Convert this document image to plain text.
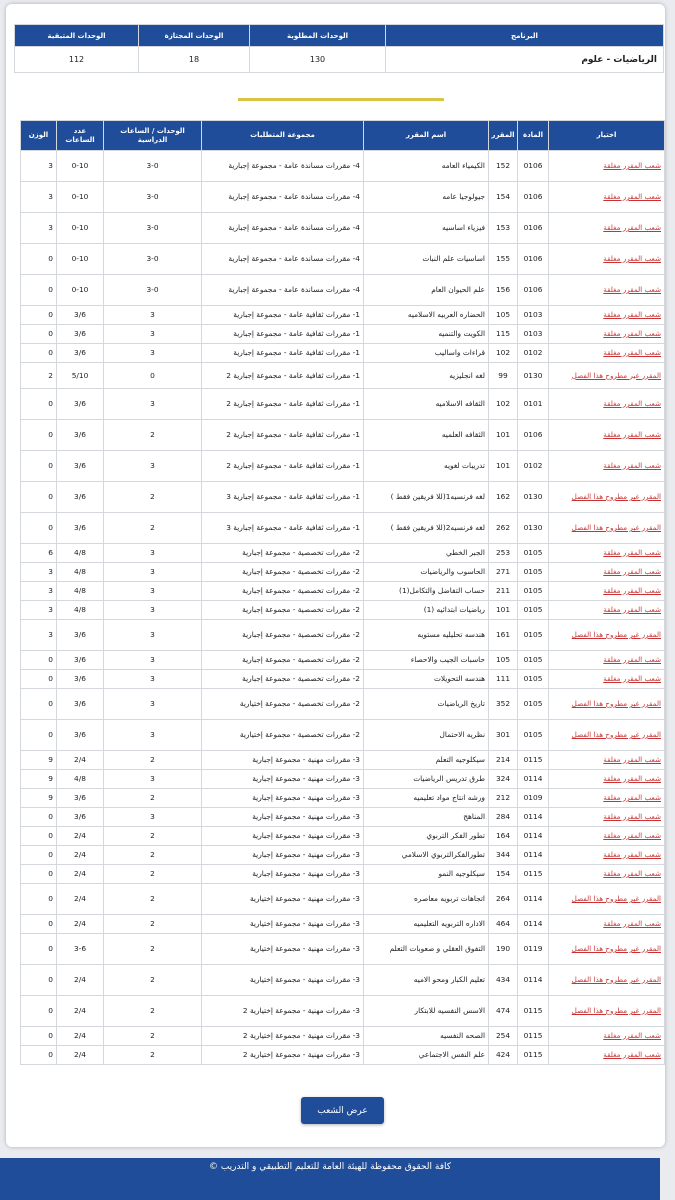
البرنامج	الوحدات المطلوبة	الوحدات المجتازة	الوحدات المتبقية
الرياضيات - علوم	130	18	112
اختيار	المادة	المقرر	اسم المقرر	مجموعة المتطلبات	الوحدات / الساعات الدراسية	عدد الساعات	الوزن
شعب المقرر مغلقة	0106	152	الكيمياء العامه	4- مقررات مساندة عامة - مجموعة إجبارية	3-0	0-10	3
شعب المقرر مغلقة	0106	154	جيولوجيا عامه	4- مقررات مساندة عامة - مجموعة إجبارية	3-0	0-10	3
شعب المقرر مغلقة	0106	153	فيزياء اساسيه	4- مقررات مساندة عامة - مجموعة إجبارية	3-0	0-10	3
شعب المقرر مغلقة	0106	155	اساسيات علم النبات	4- مقررات مساندة عامة - مجموعة إجبارية	3-0	0-10	0
شعب المقرر مغلقة	0106	156	علم الحيوان العام	4- مقررات مساندة عامة - مجموعة إجبارية	3-0	0-10	0
شعب المقرر مغلقة	0103	105	الحضاره العربيه الاسلاميه	1- مقررات ثقافية عامة - مجموعة إجبارية	3	3/6	0
شعب المقرر مغلقة	0103	115	الكويت والتنميه	1- مقررات ثقافية عامة - مجموعة إجبارية	3	3/6	0
شعب المقرر مغلقة	0102	102	قراءات واساليب	1- مقررات ثقافية عامة - مجموعة إجبارية	3	3/6	0
المقرر غير مطروح هذا الفصل	0130	99	لغه انجليزيه	1- مقررات ثقافية عامة - مجموعة إجبارية 2	0	5/10	2
شعب المقرر مغلقة	0101	102	الثقافه الاسلاميه	1- مقررات ثقافية عامة - مجموعة إجبارية 2	3	3/6	0
شعب المقرر مغلقة	0106	101	الثقافه العلميه	1- مقررات ثقافية عامة - مجموعة إجبارية 2	2	3/6	0
شعب المقرر مغلقة	0102	101	تدريبات لغويه	1- مقررات ثقافية عامة - مجموعة إجبارية 2	3	3/6	0
المقرر غير مطروح هذا الفصل	0130	162	لغه فرنسيه1(للا فريقين فقط )	1- مقررات ثقافية عامة - مجموعة إجبارية 3	2	3/6	0
المقرر غير مطروح هذا الفصل	0130	262	لغه فرنسيه2(للا فريقين فقط )	1- مقررات ثقافية عامة - مجموعة إجبارية 3	2	3/6	0
شعب المقرر مغلقة	0105	253	الجبر الخطي	2- مقررات تخصصية - مجموعة إجبارية	3	4/8	6
شعب المقرر مغلقة	0105	271	الحاسوب والرياضيات	2- مقررات تخصصية - مجموعة إجبارية	3	4/8	3
شعب المقرر مغلقة	0105	211	حساب التفاضل والتكامل(1)	2- مقررات تخصصية - مجموعة إجبارية	3	4/8	3
شعب المقرر مغلقة	0105	101	رياضيات ابتدائيه (1)	2- مقررات تخصصية - مجموعة إجبارية	3	4/8	3
المقرر غير مطروح هذا الفصل	0105	161	هندسه تحليليه مستويه	2- مقررات تخصصية - مجموعة إجبارية	3	3/6	3
شعب المقرر مغلقة	0105	105	حاسبات الجيب والاحصاء	2- مقررات تخصصية - مجموعة إجبارية	3	3/6	0
شعب المقرر مغلقة	0105	111	هندسه التحويلات	2- مقررات تخصصية - مجموعة إجبارية	3	3/6	0
المقرر غير مطروح هذا الفصل	0105	352	تاريخ الرياضيات	2- مقررات تخصصية - مجموعة إختيارية	3	3/6	0
المقرر غير مطروح هذا الفصل	0105	301	نظريه الاحتمال	2- مقررات تخصصية - مجموعة إختيارية	3	3/6	0
شعب المقرر مغلقة	0115	214	سيكلوجيه التعلم	3- مقررات مهنية - مجموعة إجبارية	2	2/4	9
شعب المقرر مغلقة	0114	324	طرق تدريس الرياضيات	3- مقررات مهنية - مجموعة إجبارية	3	4/8	9
شعب المقرر مغلقة	0109	212	ورشه انتاج مواد تعليميه	3- مقررات مهنية - مجموعة إجبارية	2	3/6	9
شعب المقرر مغلقة	0114	284	المناهج	3- مقررات مهنية - مجموعة إجبارية	3	3/6	0
شعب المقرر مغلقة	0114	164	تطور الفكر التربوي	3- مقررات مهنية - مجموعة إجبارية	2	2/4	0
شعب المقرر مغلقة	0114	344	تطورالفكرالتربوي الاسلامي	3- مقررات مهنية - مجموعة إجبارية	2	2/4	0
شعب المقرر مغلقة	0115	154	سيكلوجيه النمو	3- مقررات مهنية - مجموعة إجبارية	2	2/4	0
المقرر غير مطروح هذا الفصل	0114	264	اتجاهات تربويه معاصره	3- مقررات مهنية - مجموعة إختيارية	2	2/4	0
شعب المقرر مغلقة	0114	464	الاداره التربويه التعليميه	3- مقررات مهنية - مجموعة إختيارية	2	2/4	0
المقرر غير مطروح هذا الفصل	0119	190	التفوق العقلي و صعوبات التعلم	3- مقررات مهنية - مجموعة إختيارية	2	3-6	0
المقرر غير مطروح هذا الفصل	0114	434	تعليم الكبار ومحو الاميه	3- مقررات مهنية - مجموعة إختيارية	2	2/4	0
المقرر غير مطروح هذا الفصل	0115	474	الاسس النفسيه للابتكار	3- مقررات مهنية - مجموعة إختيارية 2	2	2/4	0
شعب المقرر مغلقة	0115	254	الصحه النفسيه	3- مقررات مهنية - مجموعة إختيارية 2	2	2/4	0
شعب المقرر مغلقة	0115	424	علم النفس الاجتماعي	3- مقررات مهنية - مجموعة إختيارية 2	2	2/4	0
عرض الشعب
كافة الحقوق محفوظة للهيئة العامة للتعليم التطبيقي و التدريب ©
